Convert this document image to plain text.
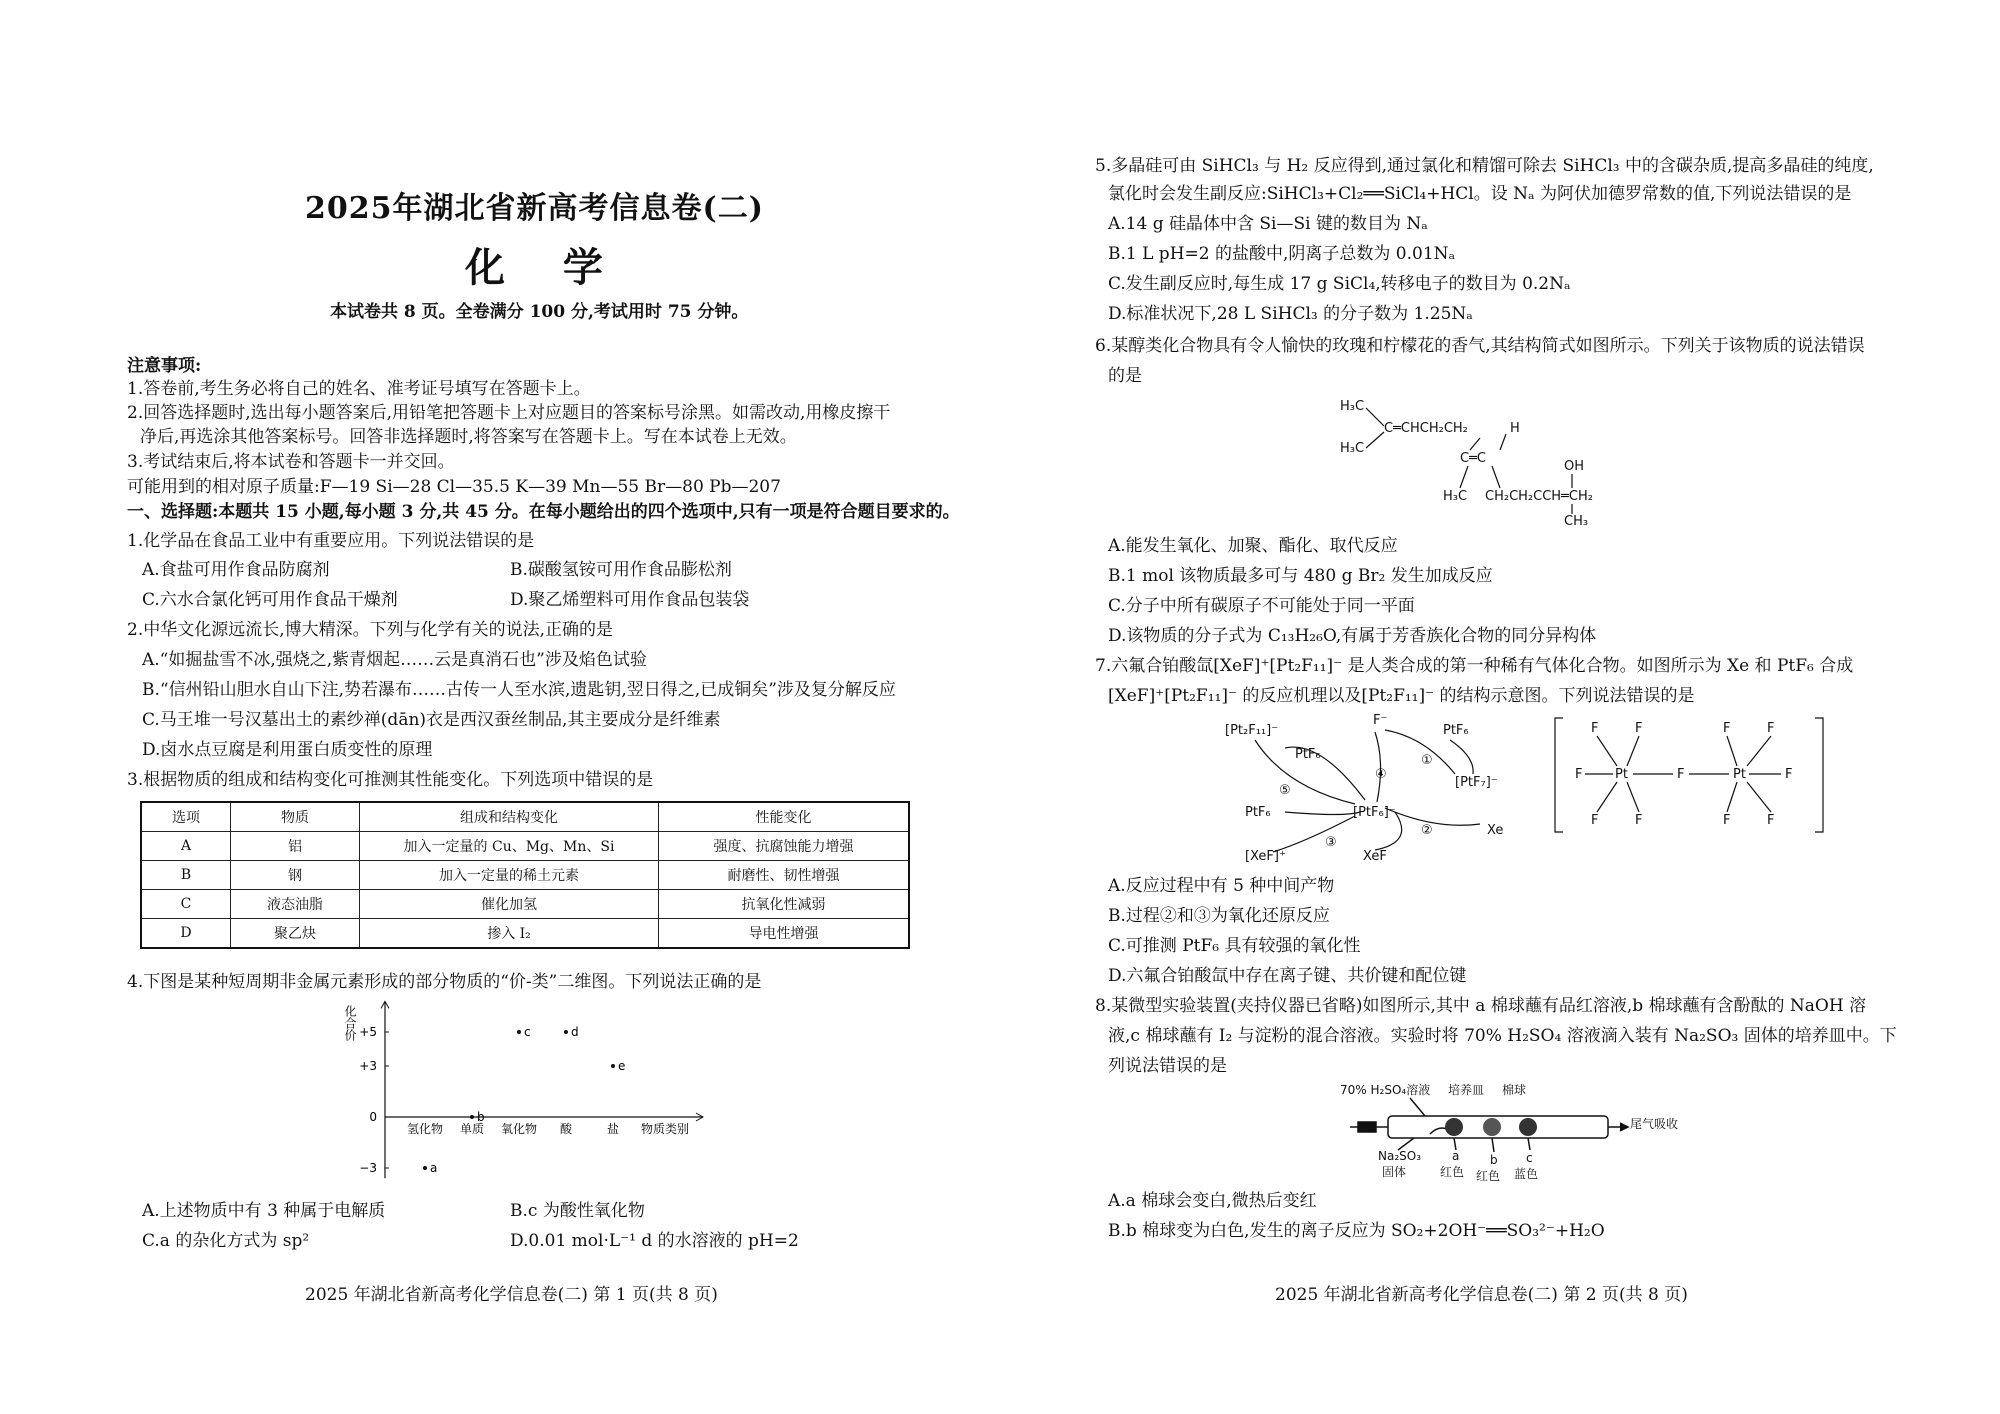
2025年湖北省新高考信息卷(二)
化 学
本试卷共 8 页。全卷满分 100 分,考试用时 75 分钟。
注意事项:
1.答卷前,考生务必将自己的姓名、准考证号填写在答题卡上。
2.回答选择题时,选出每小题答案后,用铅笔把答题卡上对应题目的答案标号涂黑。如需改动,用橡皮擦干
净后,再选涂其他答案标号。回答非选择题时,将答案写在答题卡上。写在本试卷上无效。
3.考试结束后,将本试卷和答题卡一并交回。
可能用到的相对原子质量:F—19 Si—28 Cl—35.5 K—39 Mn—55 Br—80 Pb—207
一、选择题:本题共 15 小题,每小题 3 分,共 45 分。在每小题给出的四个选项中,只有一项是符合题目要求的。
1.化学品在食品工业中有重要应用。下列说法错误的是
A.食盐可用作食品防腐剂	B.碳酸氢铵可用作食品膨松剂
C.六水合氯化钙可用作食品干燥剂	D.聚乙烯塑料可用作食品包装袋
2.中华文化源远流长,博大精深。下列与化学有关的说法,正确的是
A.“如掘盐雪不冰,强烧之,紫青烟起……云是真消石也”涉及焰色试验
B.“信州铅山胆水自山下注,势若瀑布……古传一人至水滨,遗匙钥,翌日得之,已成铜矣”涉及复分解反应
C.马王堆一号汉墓出土的素纱禅(dān)衣是西汉蚕丝制品,其主要成分是纤维素
D.卤水点豆腐是利用蛋白质变性的原理
3.根据物质的组成和结构变化可推测其性能变化。下列选项中错误的是
选项	物质	组成和结构变化	性能变化
A	铝	加入一定量的 Cu、Mg、Mn、Si	强度、抗腐蚀能力增强
B	钢	加入一定量的稀土元素	耐磨性、韧性增强
C	液态油脂	催化加氢	抗氧化性减弱
D	聚乙炔	掺入 I₂	导电性增强
4.下图是某种短周期非金属元素形成的部分物质的“价-类”二维图。下列说法正确的是
化合价 +5
+3
0
−3
氢化物 单质 氧化物 酸	盐 物质类别
a
b
c	d
e
A.上述物质中有 3 种属于电解质	B.c 为酸性氧化物
C.a 的杂化方式为 sp²	D.0.01 mol·L⁻¹ d 的水溶液的 pH=2
2025 年湖北省新高考化学信息卷(二) 第 1 页(共 8 页)
5.多晶硅可由 SiHCl₃ 与 H₂ 反应得到,通过氯化和精馏可除去 SiHCl₃ 中的含碳杂质,提高多晶硅的纯度,
氯化时会发生副反应:SiHCl₃+Cl₂══SiCl₄+HCl。设 Nₐ 为阿伏加德罗常数的值,下列说法错误的是
A.14 g 硅晶体中含 Si—Si 键的数目为 Nₐ
B.1 L pH=2 的盐酸中,阴离子总数为 0.01Nₐ
C.发生副反应时,每生成 17 g SiCl₄,转移电子的数目为 0.2Nₐ
D.标准状况下,28 L SiHCl₃ 的分子数为 1.25Nₐ
6.某醇类化合物具有令人愉快的玫瑰和柠檬花的香气,其结构简式如图所示。下列关于该物质的说法错误
的是
H₃C
H₃C
C═CHCH₂CH₂	H
C═C
H₃C CH₂CH₂CCH═CH₂
OH
CH₃
A.能发生氧化、加聚、酯化、取代反应
B.1 mol 该物质最多可与 480 g Br₂ 发生加成反应
C.分子中所有碳原子不可能处于同一平面
D.该物质的分子式为 C₁₃H₂₆O,有属于芳香族化合物的同分异构体
7.六氟合铂酸氙[XeF]⁺[Pt₂F₁₁]⁻ 是人类合成的第一种稀有气体化合物。如图所示为 Xe 和 PtF₆ 合成
[XeF]⁺[Pt₂F₁₁]⁻ 的反应机理以及[Pt₂F₁₁]⁻ 的结构示意图。下列说法错误的是
[Pt₂F₁₁]⁻
PtF₆
F⁻
PtF₆
[PtF₇]⁻
PtF₆	[PtF₆]⁻
Xe
[XeF]⁺	XeF
①
②
③
④
⑤
F	F	F	F
F	Pt	F	Pt	F
F	F	F	F
A.反应过程中有 5 种中间产物
B.过程②和③为氧化还原反应
C.可推测 PtF₆ 具有较强的氧化性
D.六氟合铂酸氙中存在离子键、共价键和配位键
8.某微型实验装置(夹持仪器已省略)如图所示,其中 a 棉球蘸有品红溶液,b 棉球蘸有含酚酞的 NaOH 溶
液,c 棉球蘸有 I₂ 与淀粉的混合溶液。实验时将 70% H₂SO₄ 溶液滴入装有 Na₂SO₃ 固体的培养皿中。下
列说法错误的是
70% H₂SO₄溶液 培养皿 棉球
尾气吸收
Na₂SO₃
固体
a	b c
红色 红色 蓝色
A.a 棉球会变白,微热后变红
B.b 棉球变为白色,发生的离子反应为 SO₂+2OH⁻══SO₃²⁻+H₂O
2025 年湖北省新高考化学信息卷(二) 第 2 页(共 8 页)
